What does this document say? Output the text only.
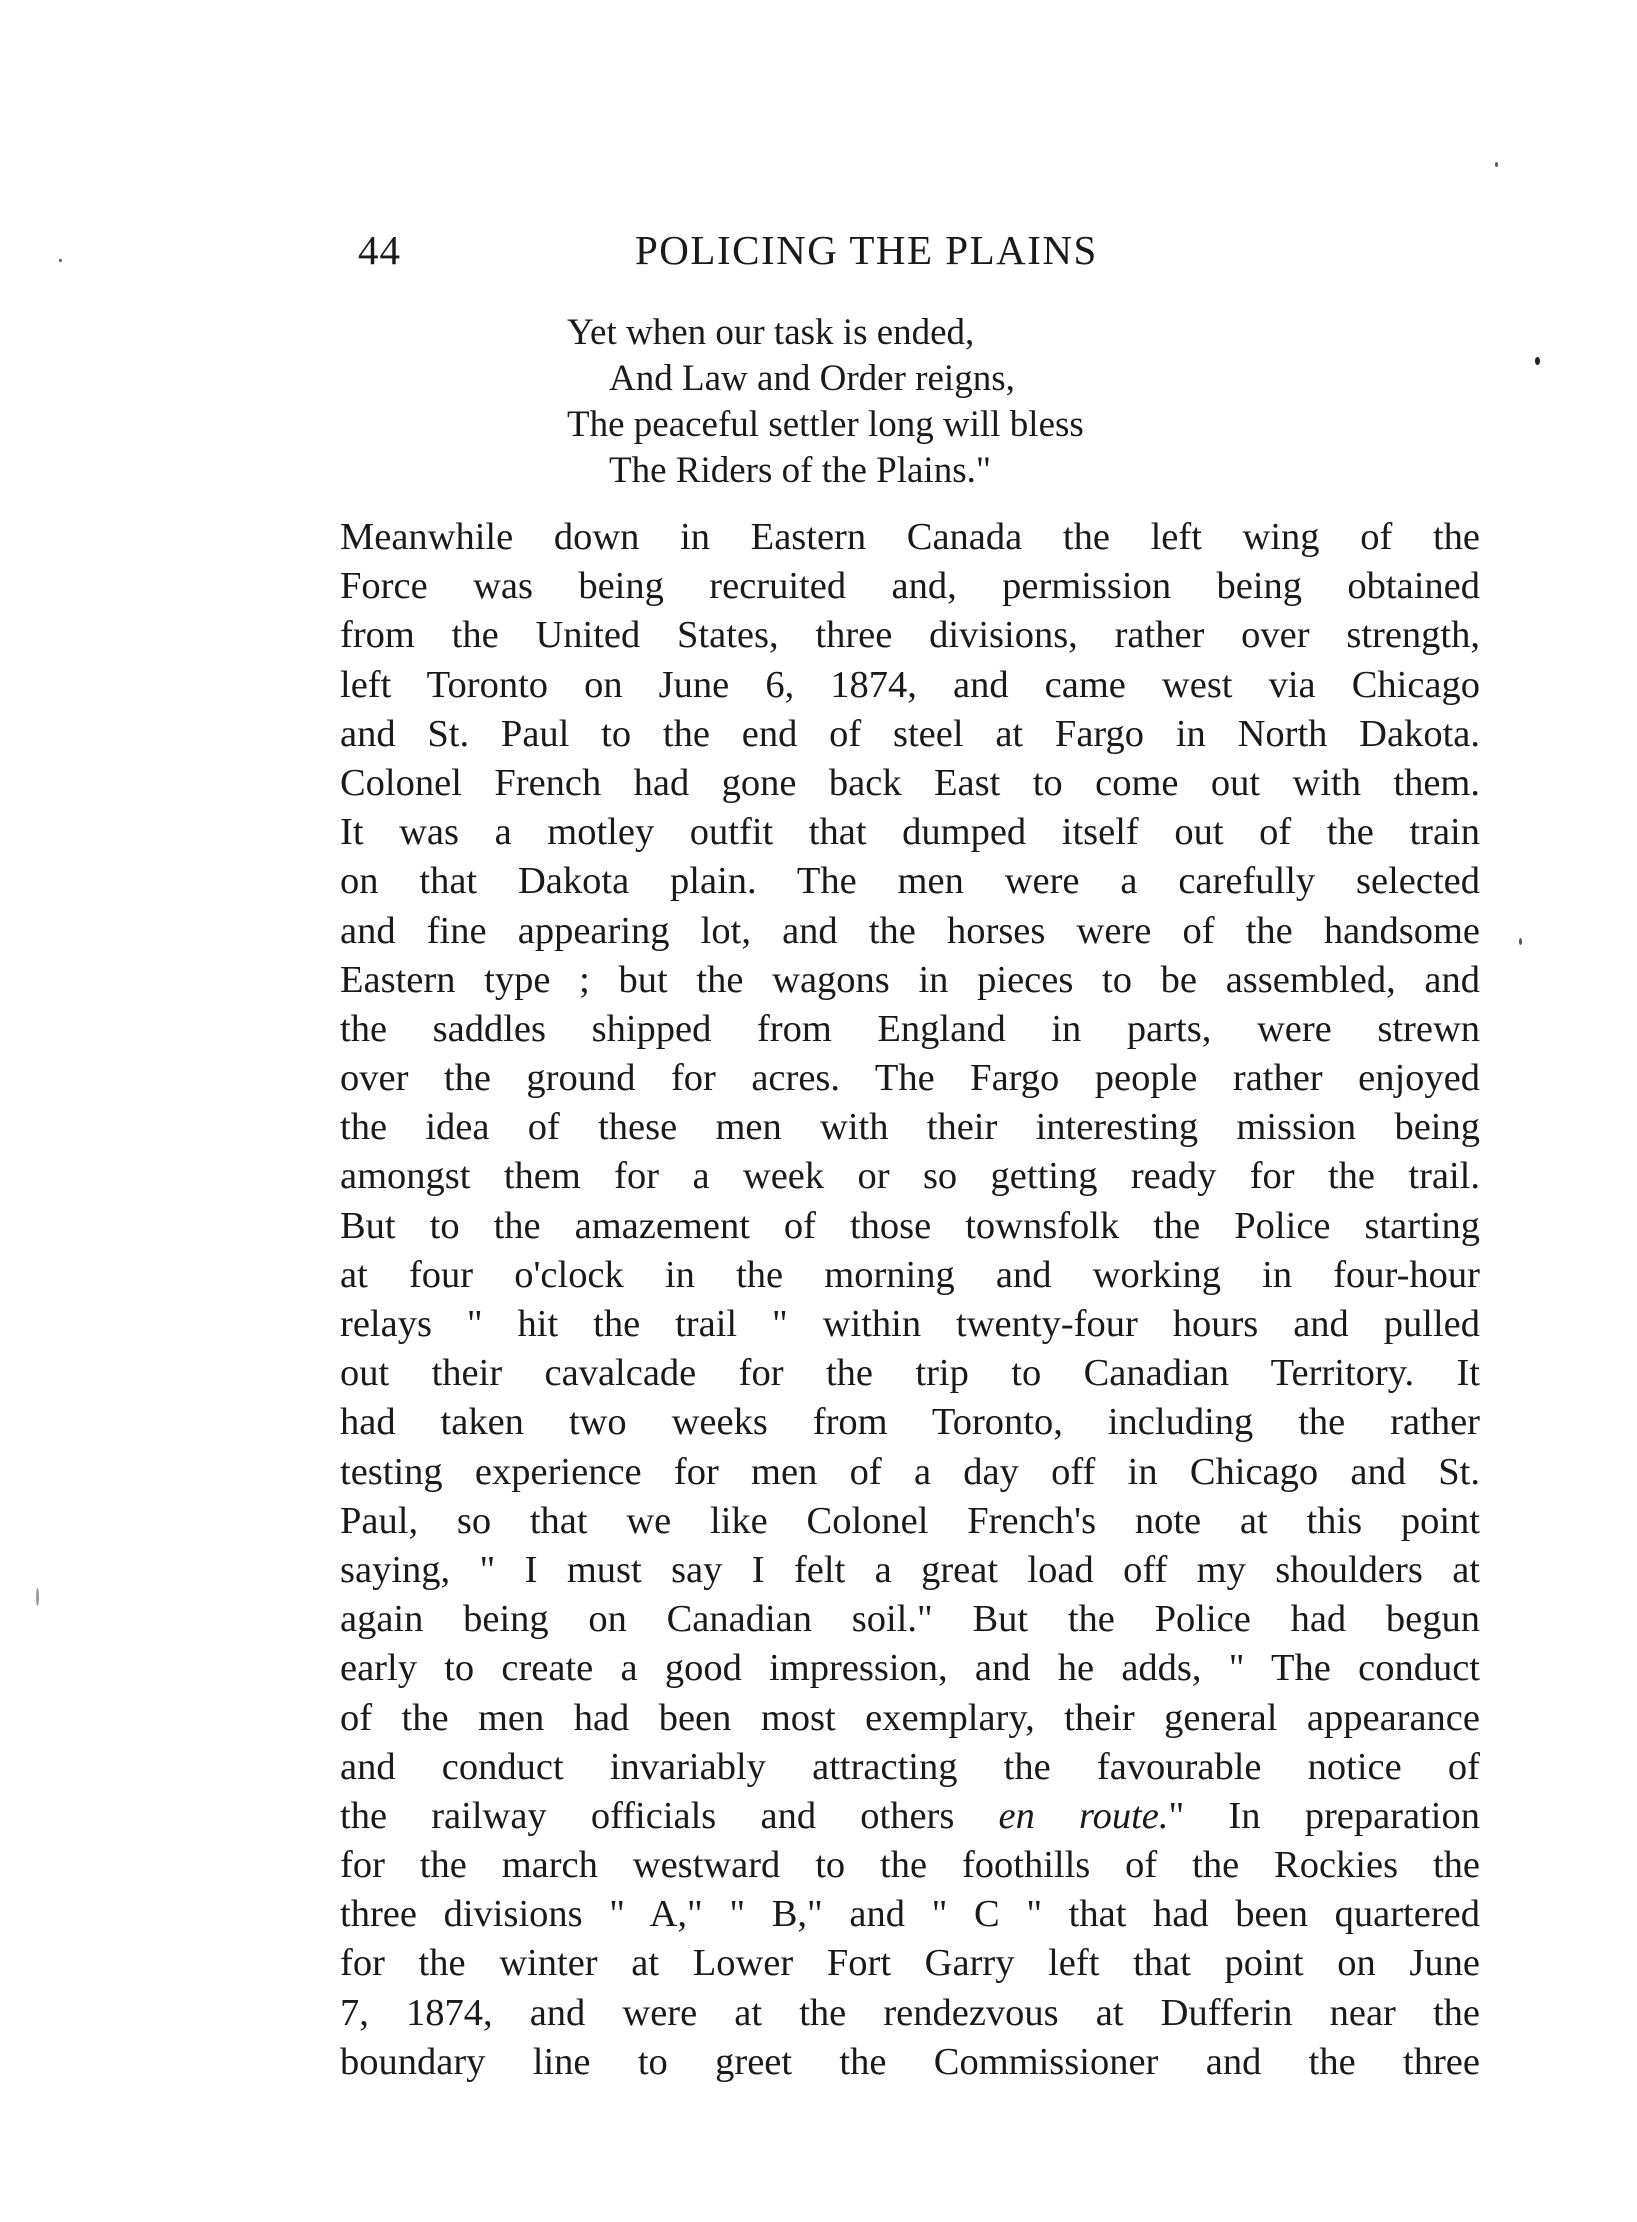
44	POLICING THE PLAINS
Yet when our task is ended,
And Law and Order reigns,
The peaceful settler long will bless
The Riders of the Plains."
Meanwhile down in Eastern Canada the left wing of the
Force was being recruited and, permission being obtained
from the United States, three divisions, rather over strength,
left Toronto on June 6, 1874, and came west via Chicago
and St. Paul to the end of steel at Fargo in North Dakota.
Colonel French had gone back East to come out with them.
It was a motley outfit that dumped itself out of the train
on that Dakota plain. The men were a carefully selected
and fine appearing lot, and the horses were of the handsome
Eastern type ; but the wagons in pieces to be assembled, and
the saddles shipped from England in parts, were strewn
over the ground for acres. The Fargo people rather enjoyed
the idea of these men with their interesting mission being
amongst them for a week or so getting ready for the trail.
But to the amazement of those townsfolk the Police starting
at four o'clock in the morning and working in four-hour
relays " hit the trail " within twenty-four hours and pulled
out their cavalcade for the trip to Canadian Territory. It
had taken two weeks from Toronto, including the rather
testing experience for men of a day off in Chicago and St.
Paul, so that we like Colonel French's note at this point
saying, " I must say I felt a great load off my shoulders at
again being on Canadian soil." But the Police had begun
early to create a good impression, and he adds, " The conduct
of the men had been most exemplary, their general appearance
and conduct invariably attracting the favourable notice of
the railway officials and others en route." In preparation
for the march westward to the foothills of the Rockies the
three divisions " A," " B," and " C " that had been quartered
for the winter at Lower Fort Garry left that point on June
7, 1874, and were at the rendezvous at Dufferin near the
boundary line to greet the Commissioner and the three
